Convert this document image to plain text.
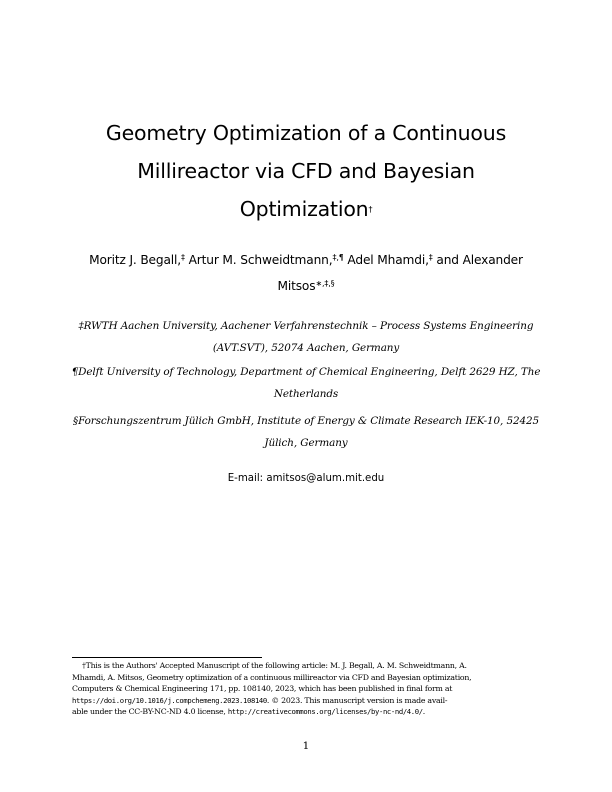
Geometry Optimization of a Continuous
Millireactor via CFD and Bayesian
Optimization†
Moritz J. Begall,‡ Artur M. Schweidtmann,‡,¶ Adel Mhamdi,‡ and Alexander
Mitsos∗,‡,§
‡RWTH Aachen University, Aachener Verfahrenstechnik – Process Systems Engineering
(AVT.SVT), 52074 Aachen, Germany
¶Delft University of Technology, Department of Chemical Engineering, Delft 2629 HZ, The
Netherlands
§Forschungszentrum Jülich GmbH, Institute of Energy & Climate Research IEK-10, 52425
Jülich, Germany
E-mail: amitsos@alum.mit.edu
†This is the Authors' Accepted Manuscript of the following article: M. J. Begall, A. M. Schweidtmann, A.
Mhamdi, A. Mitsos, Geometry optimization of a continuous millireactor via CFD and Bayesian optimization,
Computers & Chemical Engineering 171, pp. 108140, 2023, which has been published in final form at
https://doi.org/10.1016/j.compchemeng.2023.108140. © 2023. This manuscript version is made avail-
able under the CC-BY-NC-ND 4.0 license, http://creativecommons.org/licenses/by-nc-nd/4.0/.
1
